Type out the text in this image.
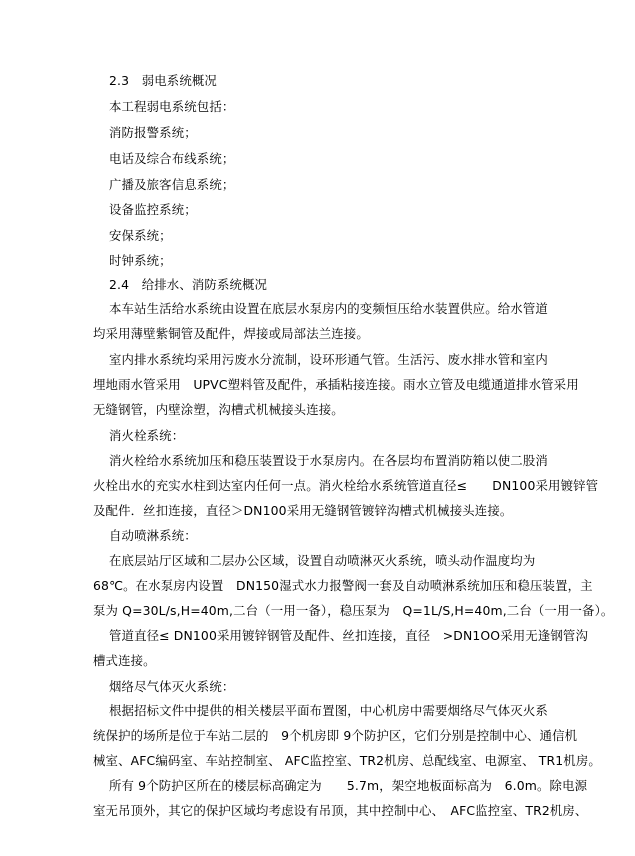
2.3　弱电系统概况
本工程弱电系统包括：
消防报警系统；
电话及综合布线系统；
广播及旅客信息系统；
设备监控系统；
安保系统；
时钟系统；
2.4　给排水、消防系统概况
本车站生活给水系统由设置在底层水泵房内的变频恒压给水装置供应。给水管道
均采用薄壁紫铜管及配件，焊接或局部法兰连接。
室内排水系统均采用污废水分流制，设环形通气管。生活污、废水排水管和室内
埋地雨水管采用　UPVC塑料管及配件，承插粘接连接。雨水立管及电缆通道排水管采用
无缝钢管，内壁涂塑，沟槽式机械接头连接。
消火栓系统：
消火栓给水系统加压和稳压装置设于水泵房内。在各层均布置消防箱以使二股消
火栓出水的充实水柱到达室内任何一点。消火栓给水系统管道直径≤　　DN100采用镀锌管
及配件．丝扣连接，直径＞DN100采用无缝钢管镀锌沟槽式机械接头连接。
自动喷淋系统：
在底层站厅区域和二层办公区域，设置自动喷淋灭火系统，喷头动作温度均为
68℃。在水泵房内设置　DN150湿式水力报警阀一套及自动喷淋系统加压和稳压装置，主
泵为 Q=30L/s,H=40m,二台（一用一备），稳压泵为　Q=1L/S,H=40m,二台（一用一备）。
管道直径≤ DN100采用镀锌钢管及配件、丝扣连接，直径　>DN1OO采用无逢钢管沟
槽式连接。
烟络尽气体灭火系统：
根据招标文件中提供的相关楼层平面布置图，中心机房中需要烟络尽气体灭火系
统保护的场所是位于车站二层的　9个机房即 9个防护区，它们分别是控制中心、通信机
械室、AFC编码室、车站控制室、 AFC监控室、TR2机房、总配线室、电源室、 TR1机房。
所有 9个防护区所在的楼层标高确定为　　5.7m，架空地板面标高为　6.0m。除电源
室无吊顶外，其它的保护区域均考虑设有吊顶，其中控制中心、　AFC监控室、TR2机房、
